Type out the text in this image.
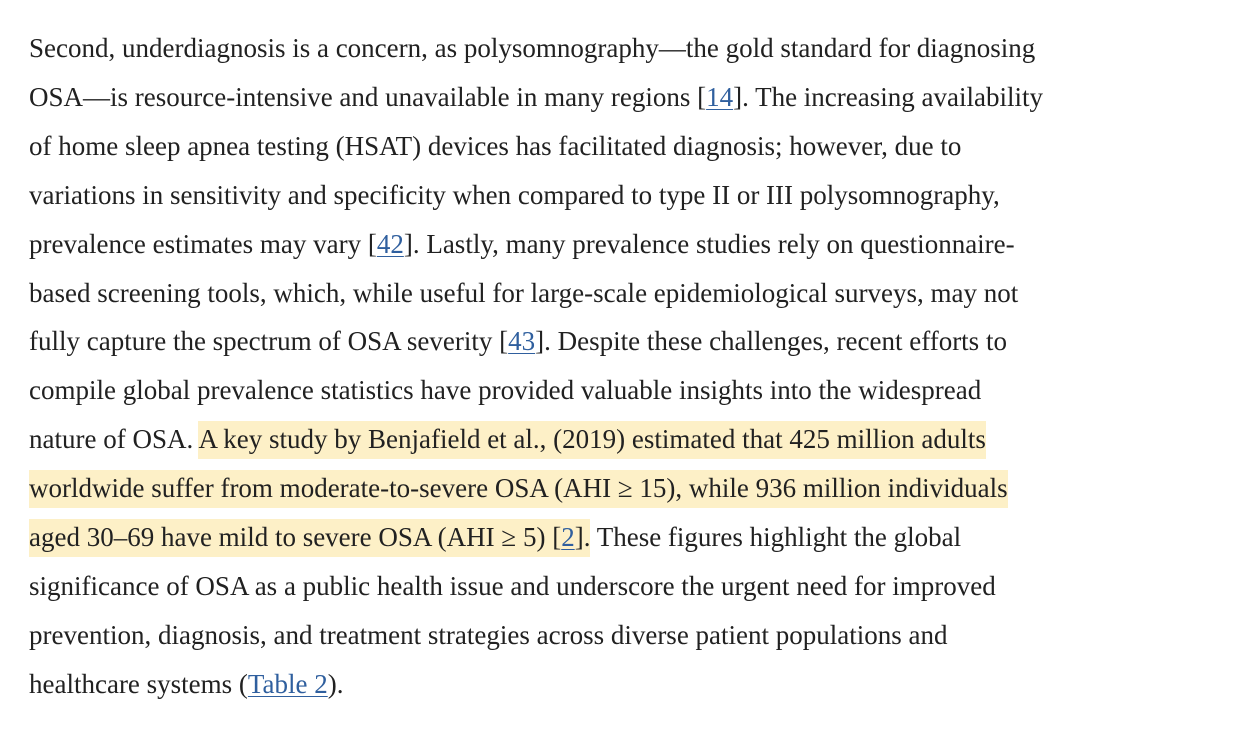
Second, underdiagnosis is a concern, as polysomnography—the gold standard for diagnosing
OSA—is resource-intensive and unavailable in many regions [14]. The increasing availability
of home sleep apnea testing (HSAT) devices has facilitated diagnosis; however, due to
variations in sensitivity and specificity when compared to type II or III polysomnography,
prevalence estimates may vary [42]. Lastly, many prevalence studies rely on questionnaire-
based screening tools, which, while useful for large-scale epidemiological surveys, may not
fully capture the spectrum of OSA severity [43]. Despite these challenges, recent efforts to
compile global prevalence statistics have provided valuable insights into the widespread
nature of OSA. A key study by Benjafield et al., (2019) estimated that 425 million adults
worldwide suffer from moderate-to-severe OSA (AHI ≥ 15), while 936 million individuals
aged 30–69 have mild to severe OSA (AHI ≥ 5) [2]. These figures highlight the global
significance of OSA as a public health issue and underscore the urgent need for improved
prevention, diagnosis, and treatment strategies across diverse patient populations and
healthcare systems (Table 2).
